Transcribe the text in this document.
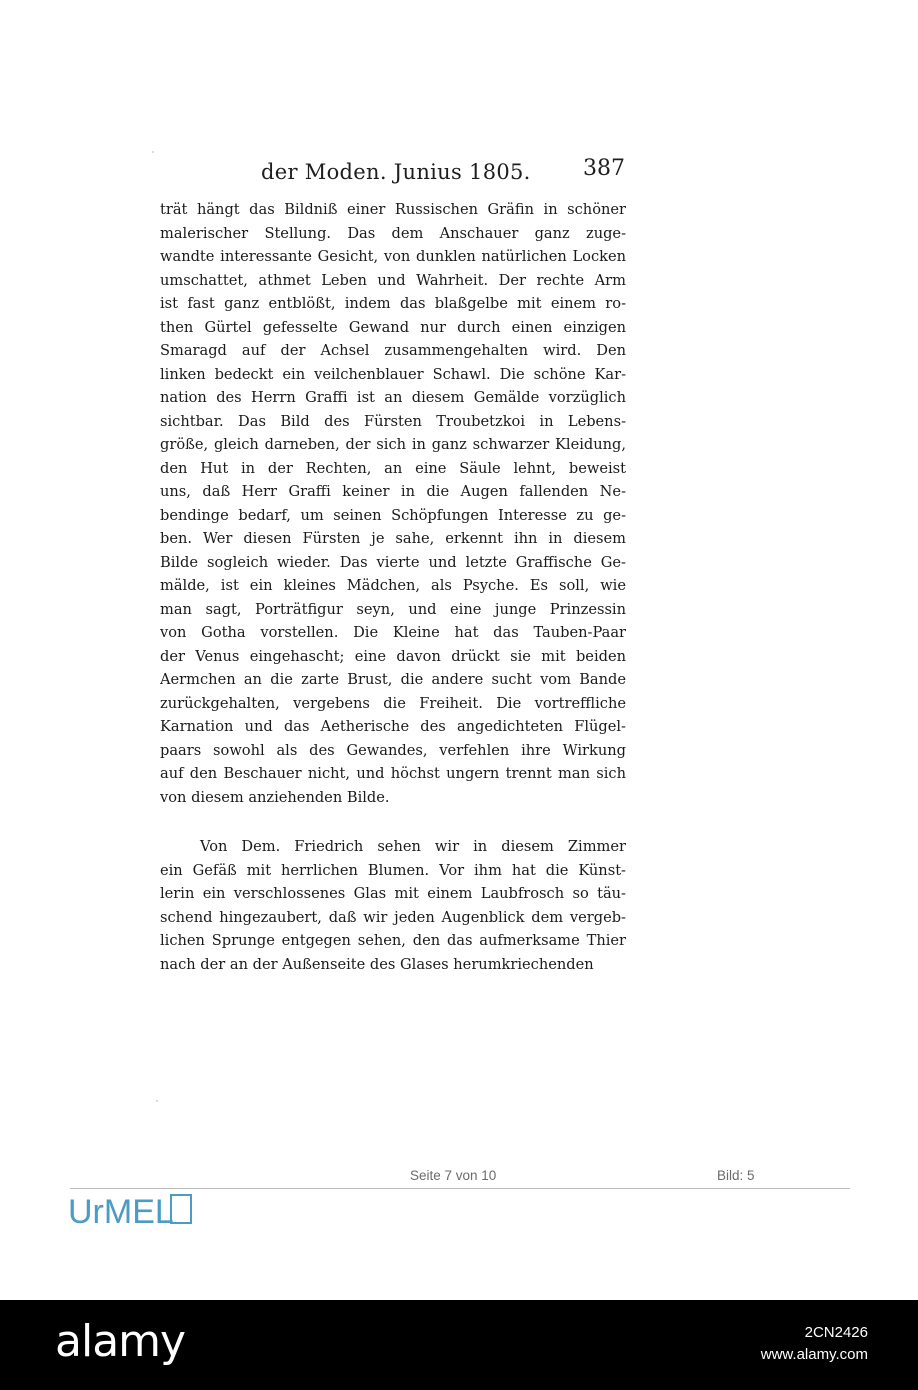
der Moden. Junius 1805. 387
trät hängt das Bildniß einer Russischen Gräfin in schöner
malerischer Stellung. Das dem Anschauer ganz zuge-
wandte interessante Gesicht, von dunklen natürlichen Locken
umschattet, athmet Leben und Wahrheit. Der rechte Arm
ist fast ganz entblößt, indem das blaßgelbe mit einem ro-
then Gürtel gefesselte Gewand nur durch einen einzigen
Smaragd auf der Achsel zusammengehalten wird. Den
linken bedeckt ein veilchenblauer Schawl. Die schöne Kar-
nation des Herrn Graffi ist an diesem Gemälde vorzüglich
sichtbar. Das Bild des Fürsten Troubetzkoi in Lebens-
größe, gleich darneben, der sich in ganz schwarzer Kleidung,
den Hut in der Rechten, an eine Säule lehnt, beweist
uns, daß Herr Graffi keiner in die Augen fallenden Ne-
bendinge bedarf, um seinen Schöpfungen Interesse zu ge-
ben. Wer diesen Fürsten je sahe, erkennt ihn in diesem
Bilde sogleich wieder. Das vierte und letzte Graffische Ge-
mälde, ist ein kleines Mädchen, als Psyche. Es soll, wie
man sagt, Porträtfigur seyn, und eine junge Prinzessin
von Gotha vorstellen. Die Kleine hat das Tauben-Paar
der Venus eingehascht; eine davon drückt sie mit beiden
Aermchen an die zarte Brust, die andere sucht vom Bande
zurückgehalten, vergebens die Freiheit. Die vortreffliche
Karnation und das Aetherische des angedichteten Flügel-
paars sowohl als des Gewandes, verfehlen ihre Wirkung
auf den Beschauer nicht, und höchst ungern trennt man sich
von diesem anziehenden Bilde.
Von Dem. Friedrich sehen wir in diesem Zimmer
ein Gefäß mit herrlichen Blumen. Vor ihm hat die Künst-
lerin ein verschlossenes Glas mit einem Laubfrosch so täu-
schend hingezaubert, daß wir jeden Augenblick dem vergeb-
lichen Sprunge entgegen sehen, den das aufmerksame Thier
nach der an der Außenseite des Glases herumkriechenden
Seite 7 von 10	Bild: 5
UrMEL
alamy	2CN2426
www.alamy.com
